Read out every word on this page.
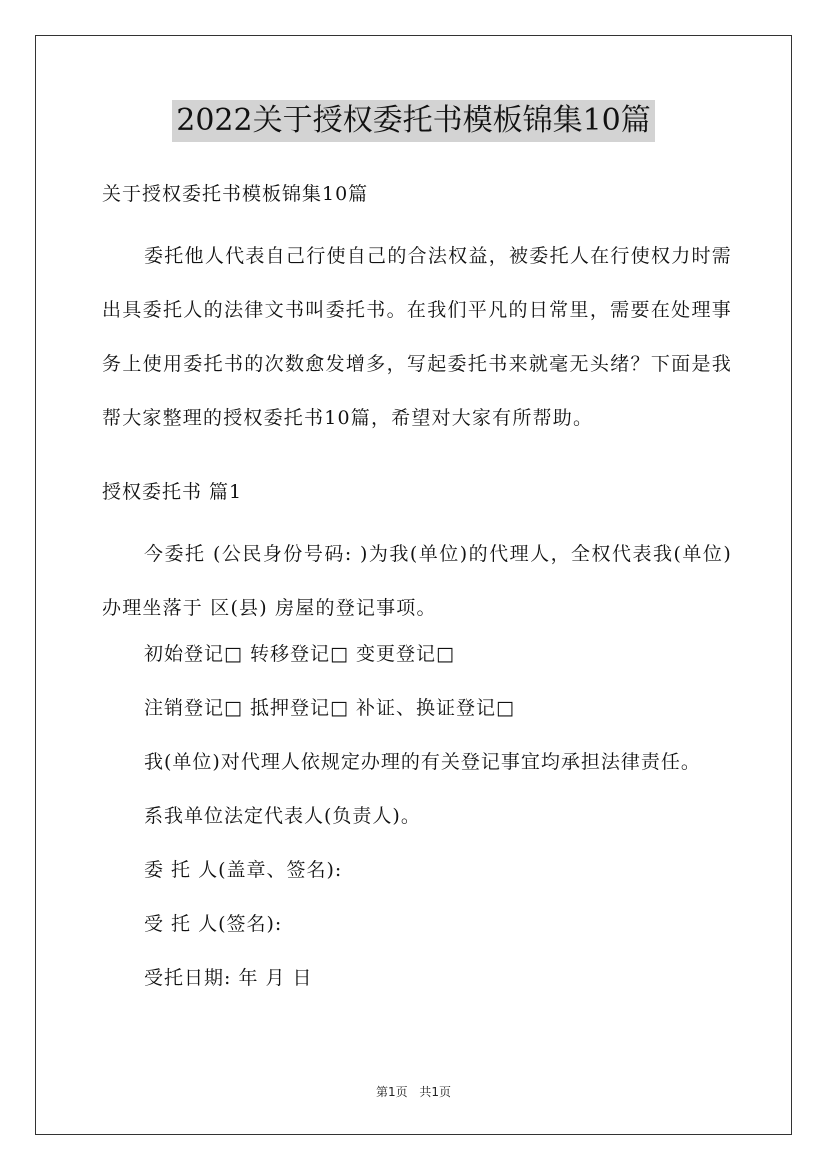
2022关于授权委托书模板锦集10篇
关于授权委托书模板锦集10篇
委托他人代表自己行使自己的合法权益，被委托人在行使权力时需出具委托人的法律文书叫委托书。在我们平凡的日常里，需要在处理事务上使用委托书的次数愈发增多，写起委托书来就毫无头绪？下面是我帮大家整理的授权委托书10篇，希望对大家有所帮助。
授权委托书 篇1
今委托 (公民身份号码: )为我(单位)的代理人，全权代表我(单位)办理坐落于 区(县) 房屋的登记事项。
初始登记□ 转移登记□ 变更登记□
注销登记□ 抵押登记□ 补证、换证登记□
我(单位)对代理人依规定办理的有关登记事宜均承担法律责任。
系我单位法定代表人(负责人)。
委 托 人(盖章、签名):
受 托 人(签名):
受托日期: 年 月 日
第1页 共1页
